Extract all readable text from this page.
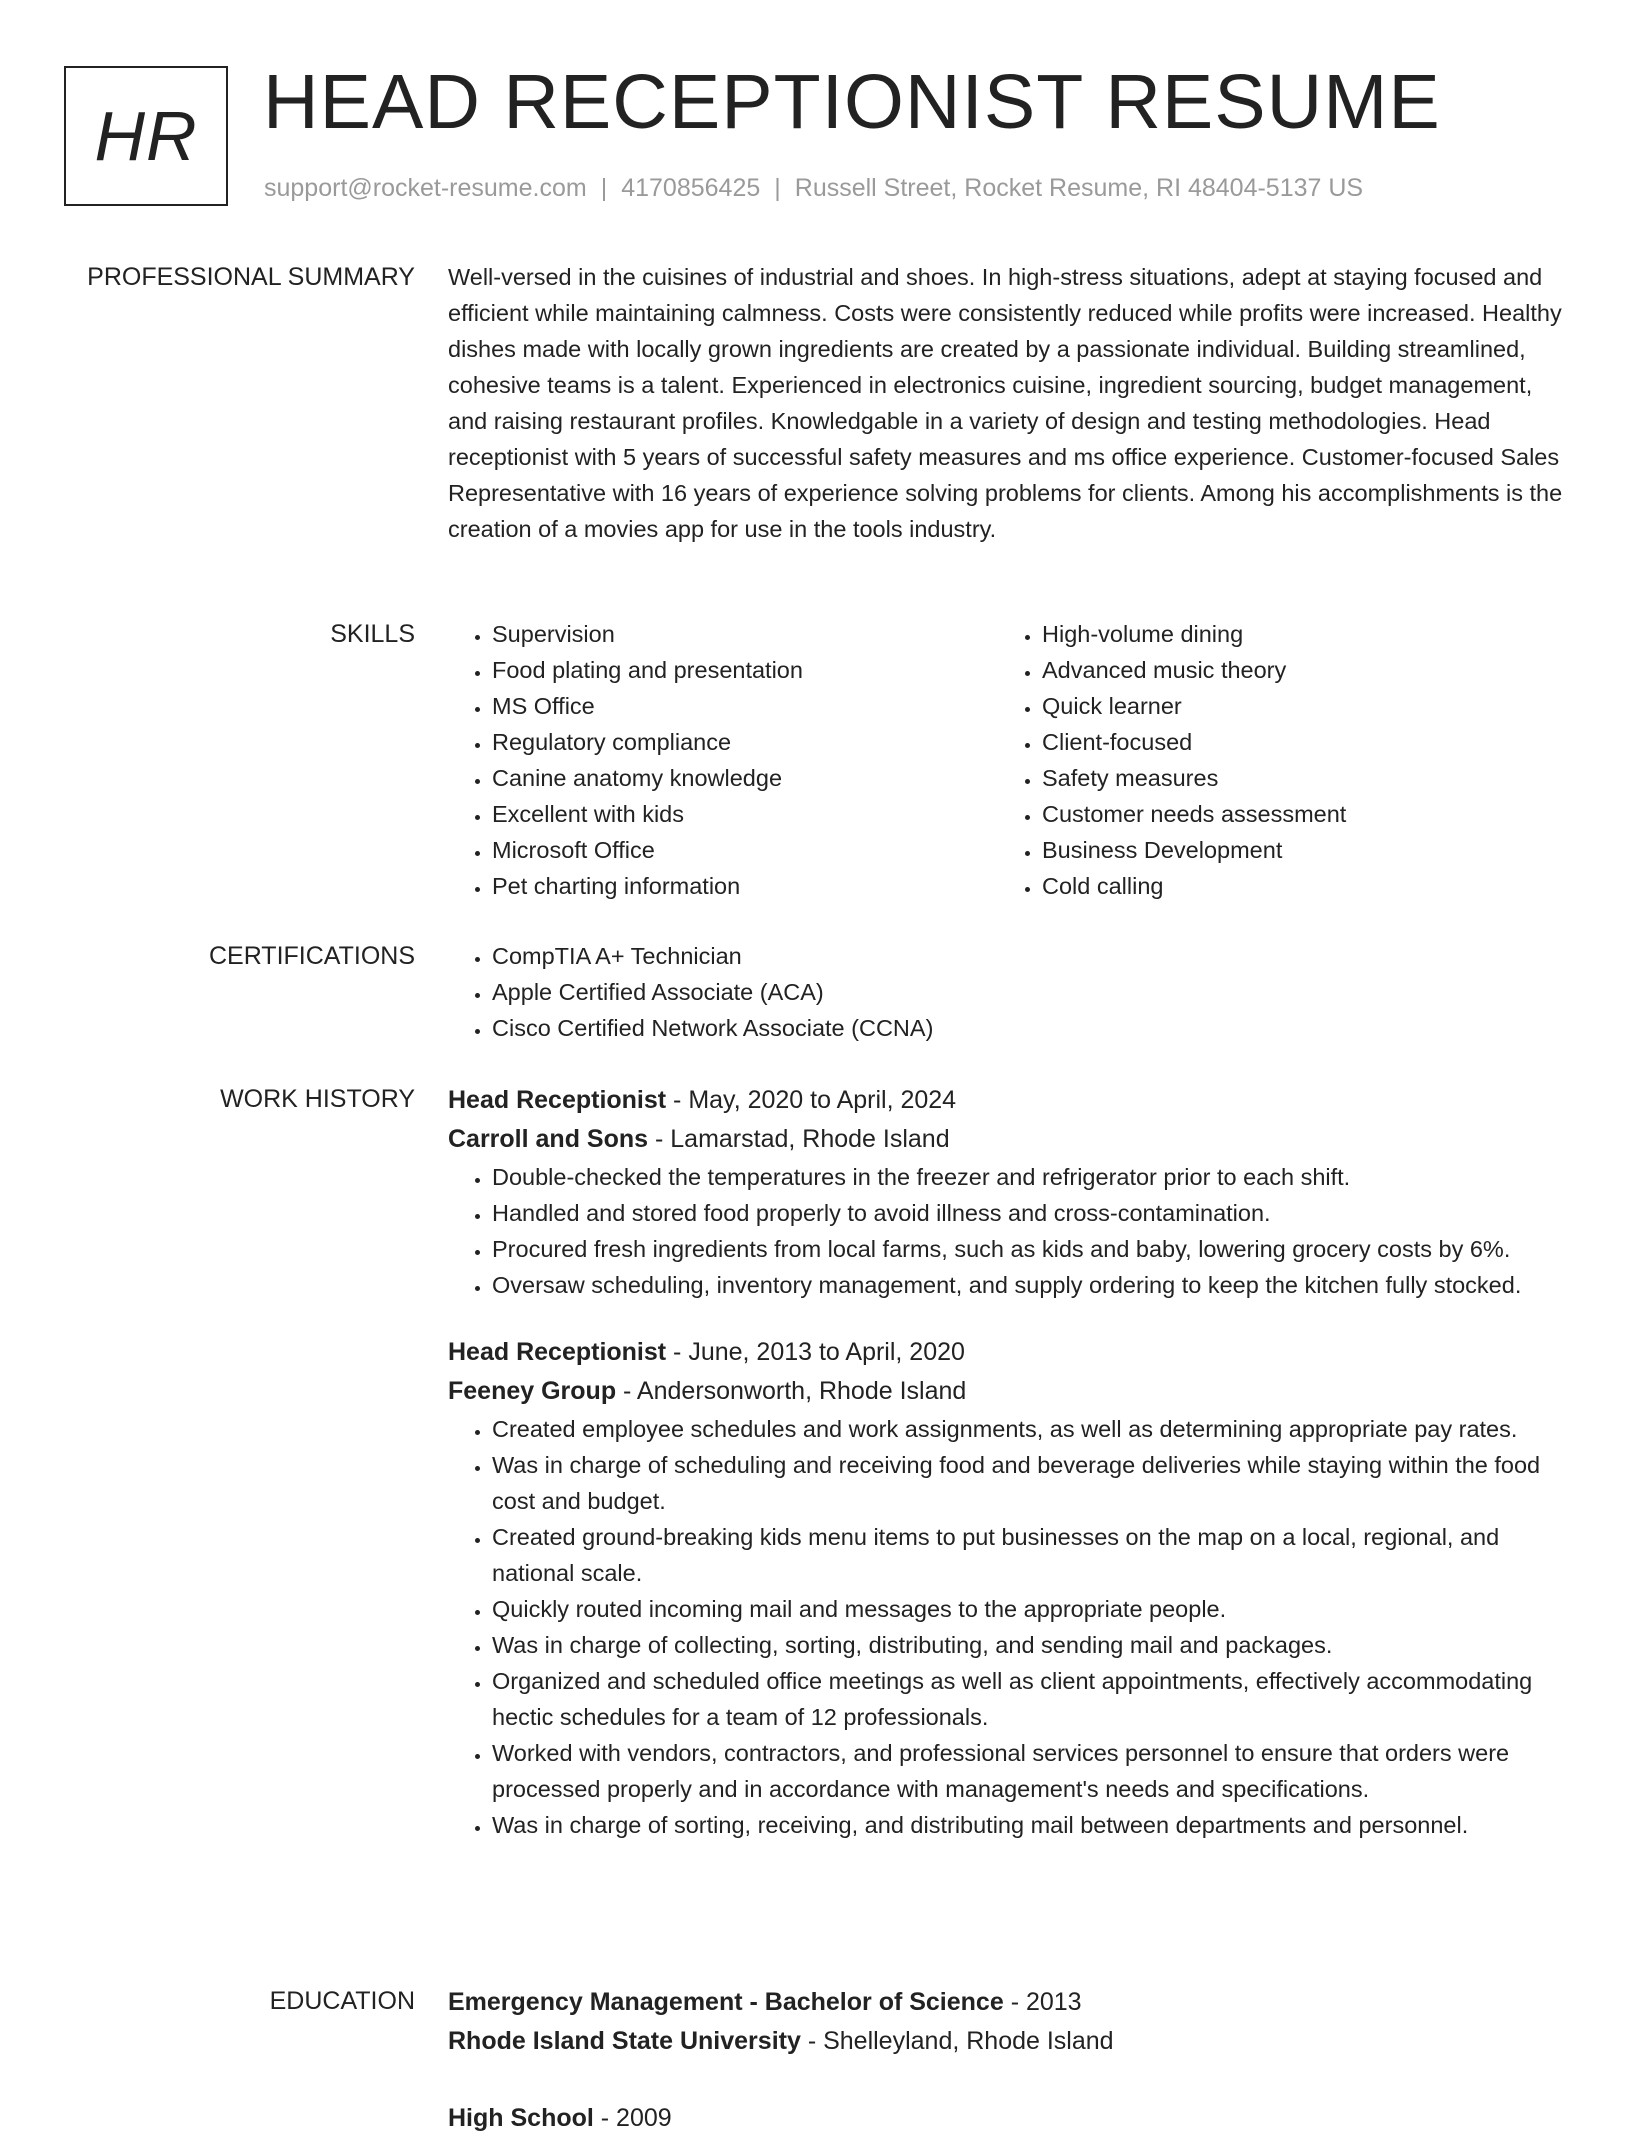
HR HEAD RECEPTIONIST RESUME
support@rocket-resume.com | 4170856425 | Russell Street, Rocket Resume, RI 48404-5137 US
PROFESSIONAL SUMMARY Well-versed in the cuisines of industrial and shoes. In high-stress situations, adept at staying focused and efficient while maintaining calmness. Costs were consistently reduced while profits were increased. Healthy dishes made with locally grown ingredients are created by a passionate individual. Building streamlined, cohesive teams is a talent. Experienced in electronics cuisine, ingredient sourcing, budget management, and raising restaurant profiles. Knowledgable in a variety of design and testing methodologies. Head receptionist with 5 years of successful safety measures and ms office experience. Customer-focused Sales Representative with 16 years of experience solving problems for clients. Among his accomplishments is the creation of a movies app for use in the tools industry.

SKILLS	• Supervision
• Food plating and presentation
• MS Office
• Regulatory compliance
• Canine anatomy knowledge
• Excellent with kids
• Microsoft Office
• Pet charting information
• High-volume dining
• Advanced music theory
• Quick learner
• Client-focused
• Safety measures
• Customer needs assessment
• Business Development
• Cold calling
CERTIFICATIONS	• CompTIA A+ Technician
• Apple Certified Associate (ACA)
• Cisco Certified Network Associate (CCNA)
WORK HISTORY Head Receptionist - May, 2020 to April, 2024
Carroll and Sons - Lamarstad, Rhode Island
• Double-checked the temperatures in the freezer and refrigerator prior to each shift.
• Handled and stored food properly to avoid illness and cross-contamination.
• Procured fresh ingredients from local farms, such as kids and baby, lowering grocery costs by 6%.
• Oversaw scheduling, inventory management, and supply ordering to keep the kitchen fully stocked.
Head Receptionist - June, 2013 to April, 2020
Feeney Group - Andersonworth, Rhode Island
• Created employee schedules and work assignments, as well as determining appropriate pay rates.
• Was in charge of scheduling and receiving food and beverage deliveries while staying within the food cost and budget.
• Created ground-breaking kids menu items to put businesses on the map on a local, regional, and national scale.
• Quickly routed incoming mail and messages to the appropriate people.
• Was in charge of collecting, sorting, distributing, and sending mail and packages.
• Organized and scheduled office meetings as well as client appointments, effectively accommodating hectic schedules for a team of 12 professionals.
• Worked with vendors, contractors, and professional services personnel to ensure that orders were processed properly and in accordance with management's needs and specifications.
• Was in charge of sorting, receiving, and distributing mail between departments and personnel.
EDUCATION Emergency Management - Bachelor of Science - 2013
Rhode Island State University - Shelleyland, Rhode Island
High School - 2009
